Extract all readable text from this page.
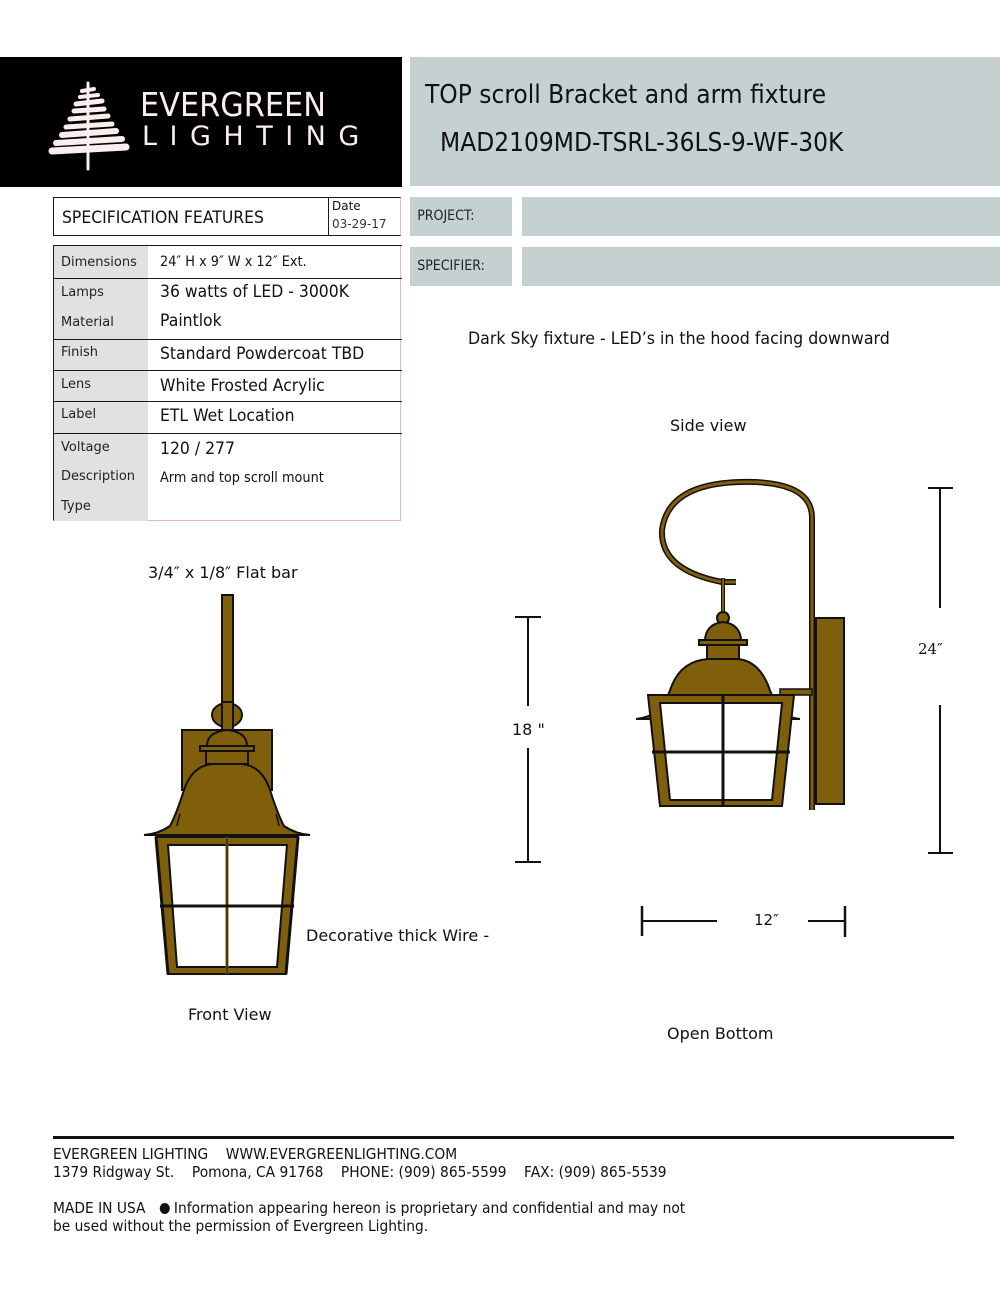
EVERGREEN
LIGHTING
TOP scroll Bracket and arm fixture
MAD2109MD-TSRL-36LS-9-WF-30K
PROJECT:
SPECIFIER:
SPECIFICATION FEATURES
Date
03-29-17
Dimensions 24″ H x 9″ W x 12″ Ext.
Lamps	36 watts of LED - 3000K
Material	Paintlok
Finish	Standard Powdercoat TBD
Lens	White Frosted Acrylic
Label	ETL Wet Location
Voltage	120 / 277
Description Arm and top scroll mount
Type
Dark Sky fixture - LED’s in the hood facing downward
Side view
3/4″ x 1/8″ Flat bar
Decorative thick Wire -
Front View
Open Bottom
18 "
24″
12″
EVERGREEN LIGHTING WWW.EVERGREENLIGHTING.COM
1379 Ridgway St. Pomona, CA 91768 PHONE: (909) 865-5599 FAX: (909) 865-5539
MADE IN USA Information appearing hereon is proprietary and confidential and may not
be used without the permission of Evergreen Lighting.
